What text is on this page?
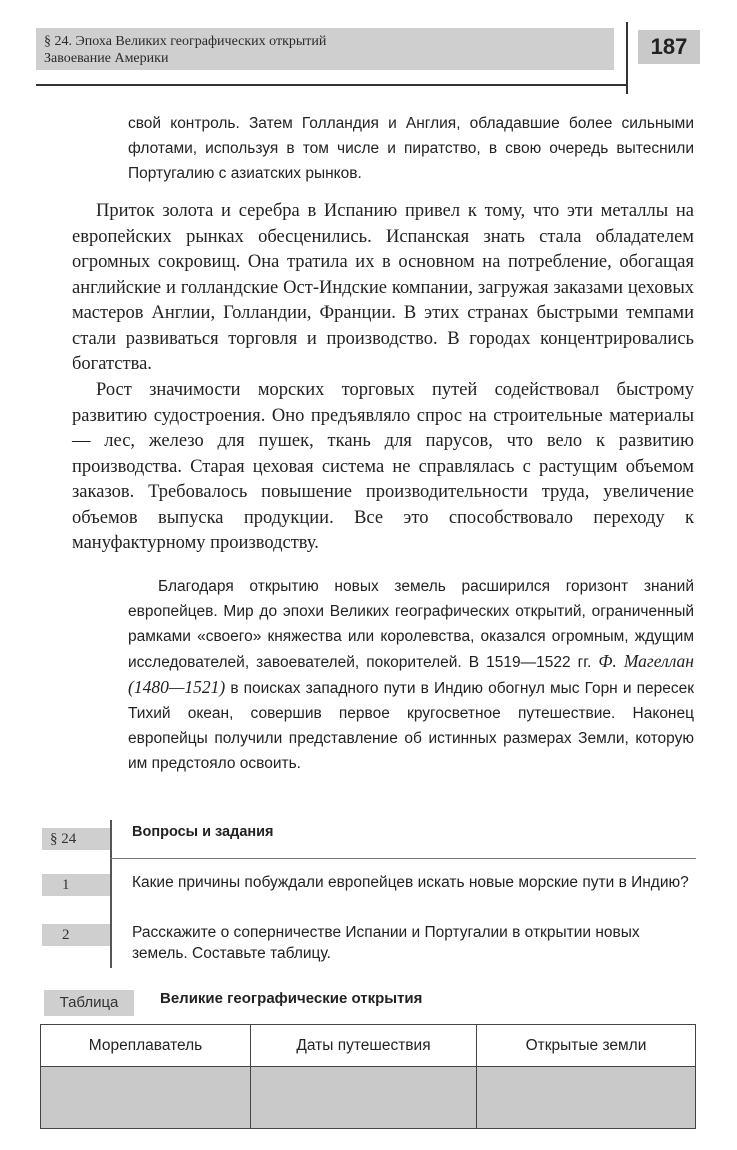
§ 24. Эпоха Великих географических открытий
Завоевание Америки	187

свой контроль. Затем Голландия и Англия, обладавшие более сильными флотами, используя в том числе и пиратство, в свою очередь вытеснили Португалию с азиатских рынков.

Приток золота и серебра в Испанию привел к тому, что эти металлы на европейских рынках обесценились. Испанская знать стала обладателем огромных сокровищ. Она тратила их в основном на потребление, обогащая английские и голландские Ост-Индские компании, загружая заказами цеховых мастеров Англии, Голландии, Франции. В этих странах быстрыми темпами стали развиваться торговля и производство. В городах концентрировались богатства.

Рост значимости морских торговых путей содействовал быстрому развитию судостроения. Оно предъявляло спрос на строительные материалы — лес, железо для пушек, ткань для парусов, что вело к развитию производства. Старая цеховая система не справлялась с растущим объемом заказов. Требовалось повышение производительности труда, увеличение объемов выпуска продукции. Все это способствовало переходу к мануфактурному производству.

Благодаря открытию новых земель расширился горизонт знаний европейцев. Мир до эпохи Великих географических открытий, ограниченный рамками «своего» княжества или королевства, оказался огромным, ждущим исследователей, завоевателей, покорителей. В 1519—1522 гг. Ф. Магеллан (1480—1521) в поисках западного пути в Индию обогнул мыс Горн и пересек Тихий океан, совершив первое кругосветное путешествие. Наконец европейцы получили представление об истинных размерах Земли, которую им предстояло освоить.

§ 24	Вопросы и задания
1	Какие причины побуждали европейцев искать новые морские пути в Индию?
2	Расскажите о соперничестве Испании и Португалии в открытии новых земель. Составьте таблицу.
Таблица	Великие географические открытия
Мореплаватель	Даты путешествия	Открытые земли
